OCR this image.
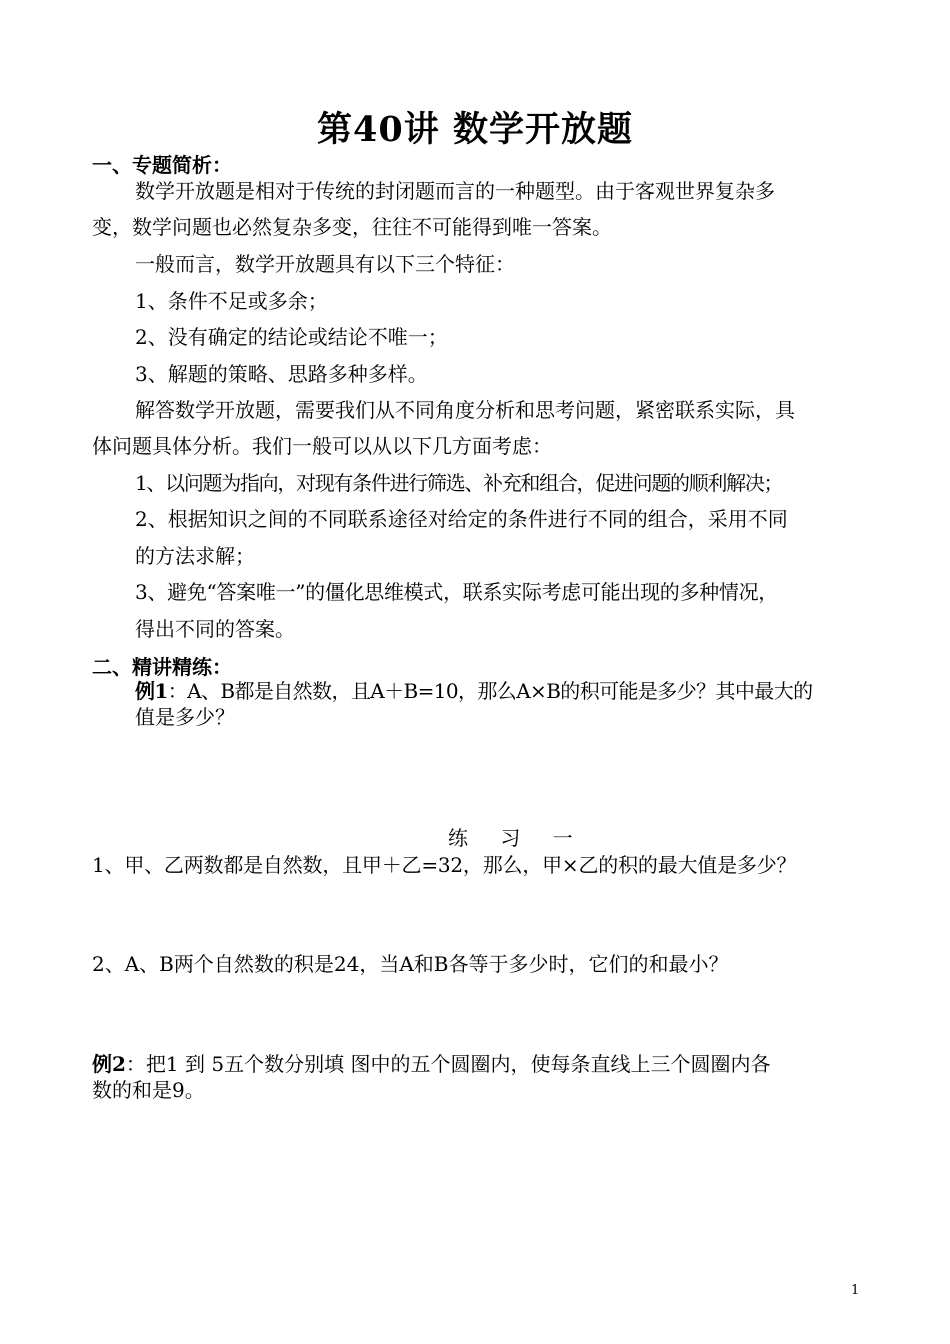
第40讲 数学开放题
一、专题简析：
数学开放题是相对于传统的封闭题而言的一种题型。由于客观世界复杂多
变，数学问题也必然复杂多变，往往不可能得到唯一答案。
一般而言，数学开放题具有以下三个特征：
1、条件不足或多余；
2、没有确定的结论或结论不唯一；
3、解题的策略、思路多种多样。
解答数学开放题，需要我们从不同角度分析和思考问题，紧密联系实际，具
体问题具体分析。我们一般可以从以下几方面考虑：
1、以问题为指向，对现有条件进行筛选、补充和组合，促进问题的顺利解决；
2、根据知识之间的不同联系途径对给定的条件进行不同的组合，采用不同
的方法求解；
3、避免“答案唯一”的僵化思维模式，联系实际考虑可能出现的多种情况，
得出不同的答案。
二、精讲精练：
例1：A、B都是自然数，且A＋B=10，那么A×B的积可能是多少？其中最大的
值是多少？
练 习 一
1、甲、乙两数都是自然数，且甲＋乙=32，那么，甲×乙的积的最大值是多少？
2、A、B两个自然数的积是24，当A和B各等于多少时，它们的和最小？
例2：把1 到 5五个数分别填 图中的五个圆圈内，使每条直线上三个圆圈内各
数的和是9。
1
